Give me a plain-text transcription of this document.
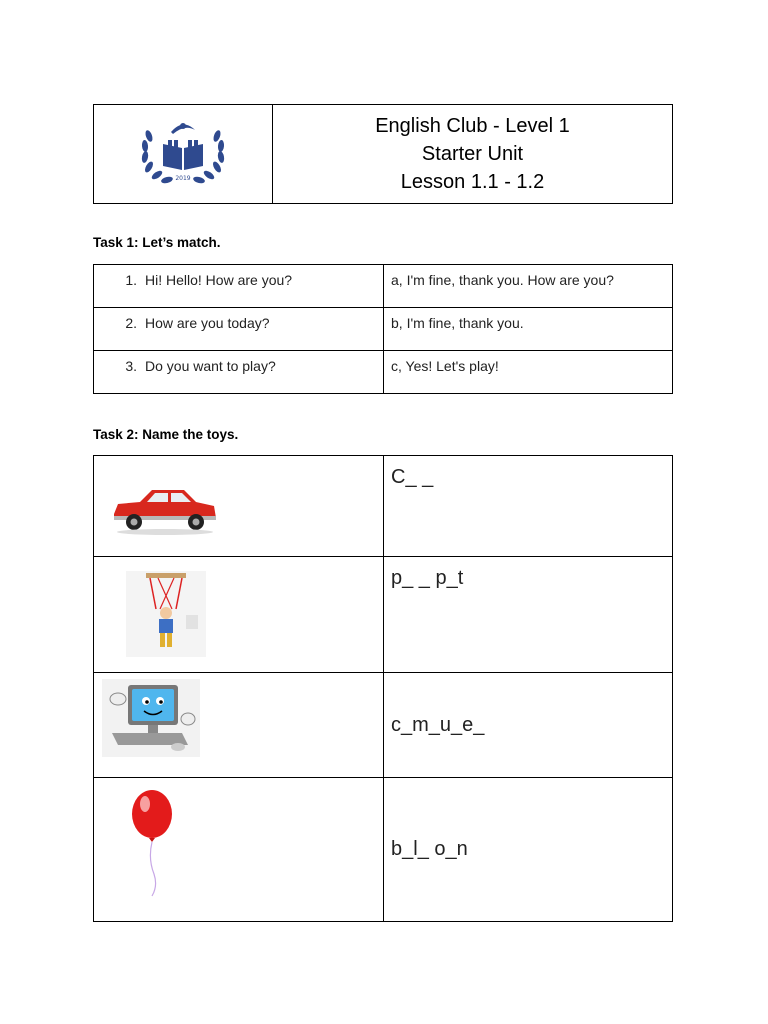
2019
English Club - Level 1
Starter Unit
Lesson 1.1 - 1.2
Task 1: Let’s match.
1. Hi! Hello! How are you?	a, I'm fine, thank you. How are you?
2. How are you today?	b, I'm fine, thank you.
3. Do you want to play?	c, Yes! Let's play!
Task 2: Name the toys.

C_ _

p_ _ p_t

c_m_u_e_

b_l_ o_n
